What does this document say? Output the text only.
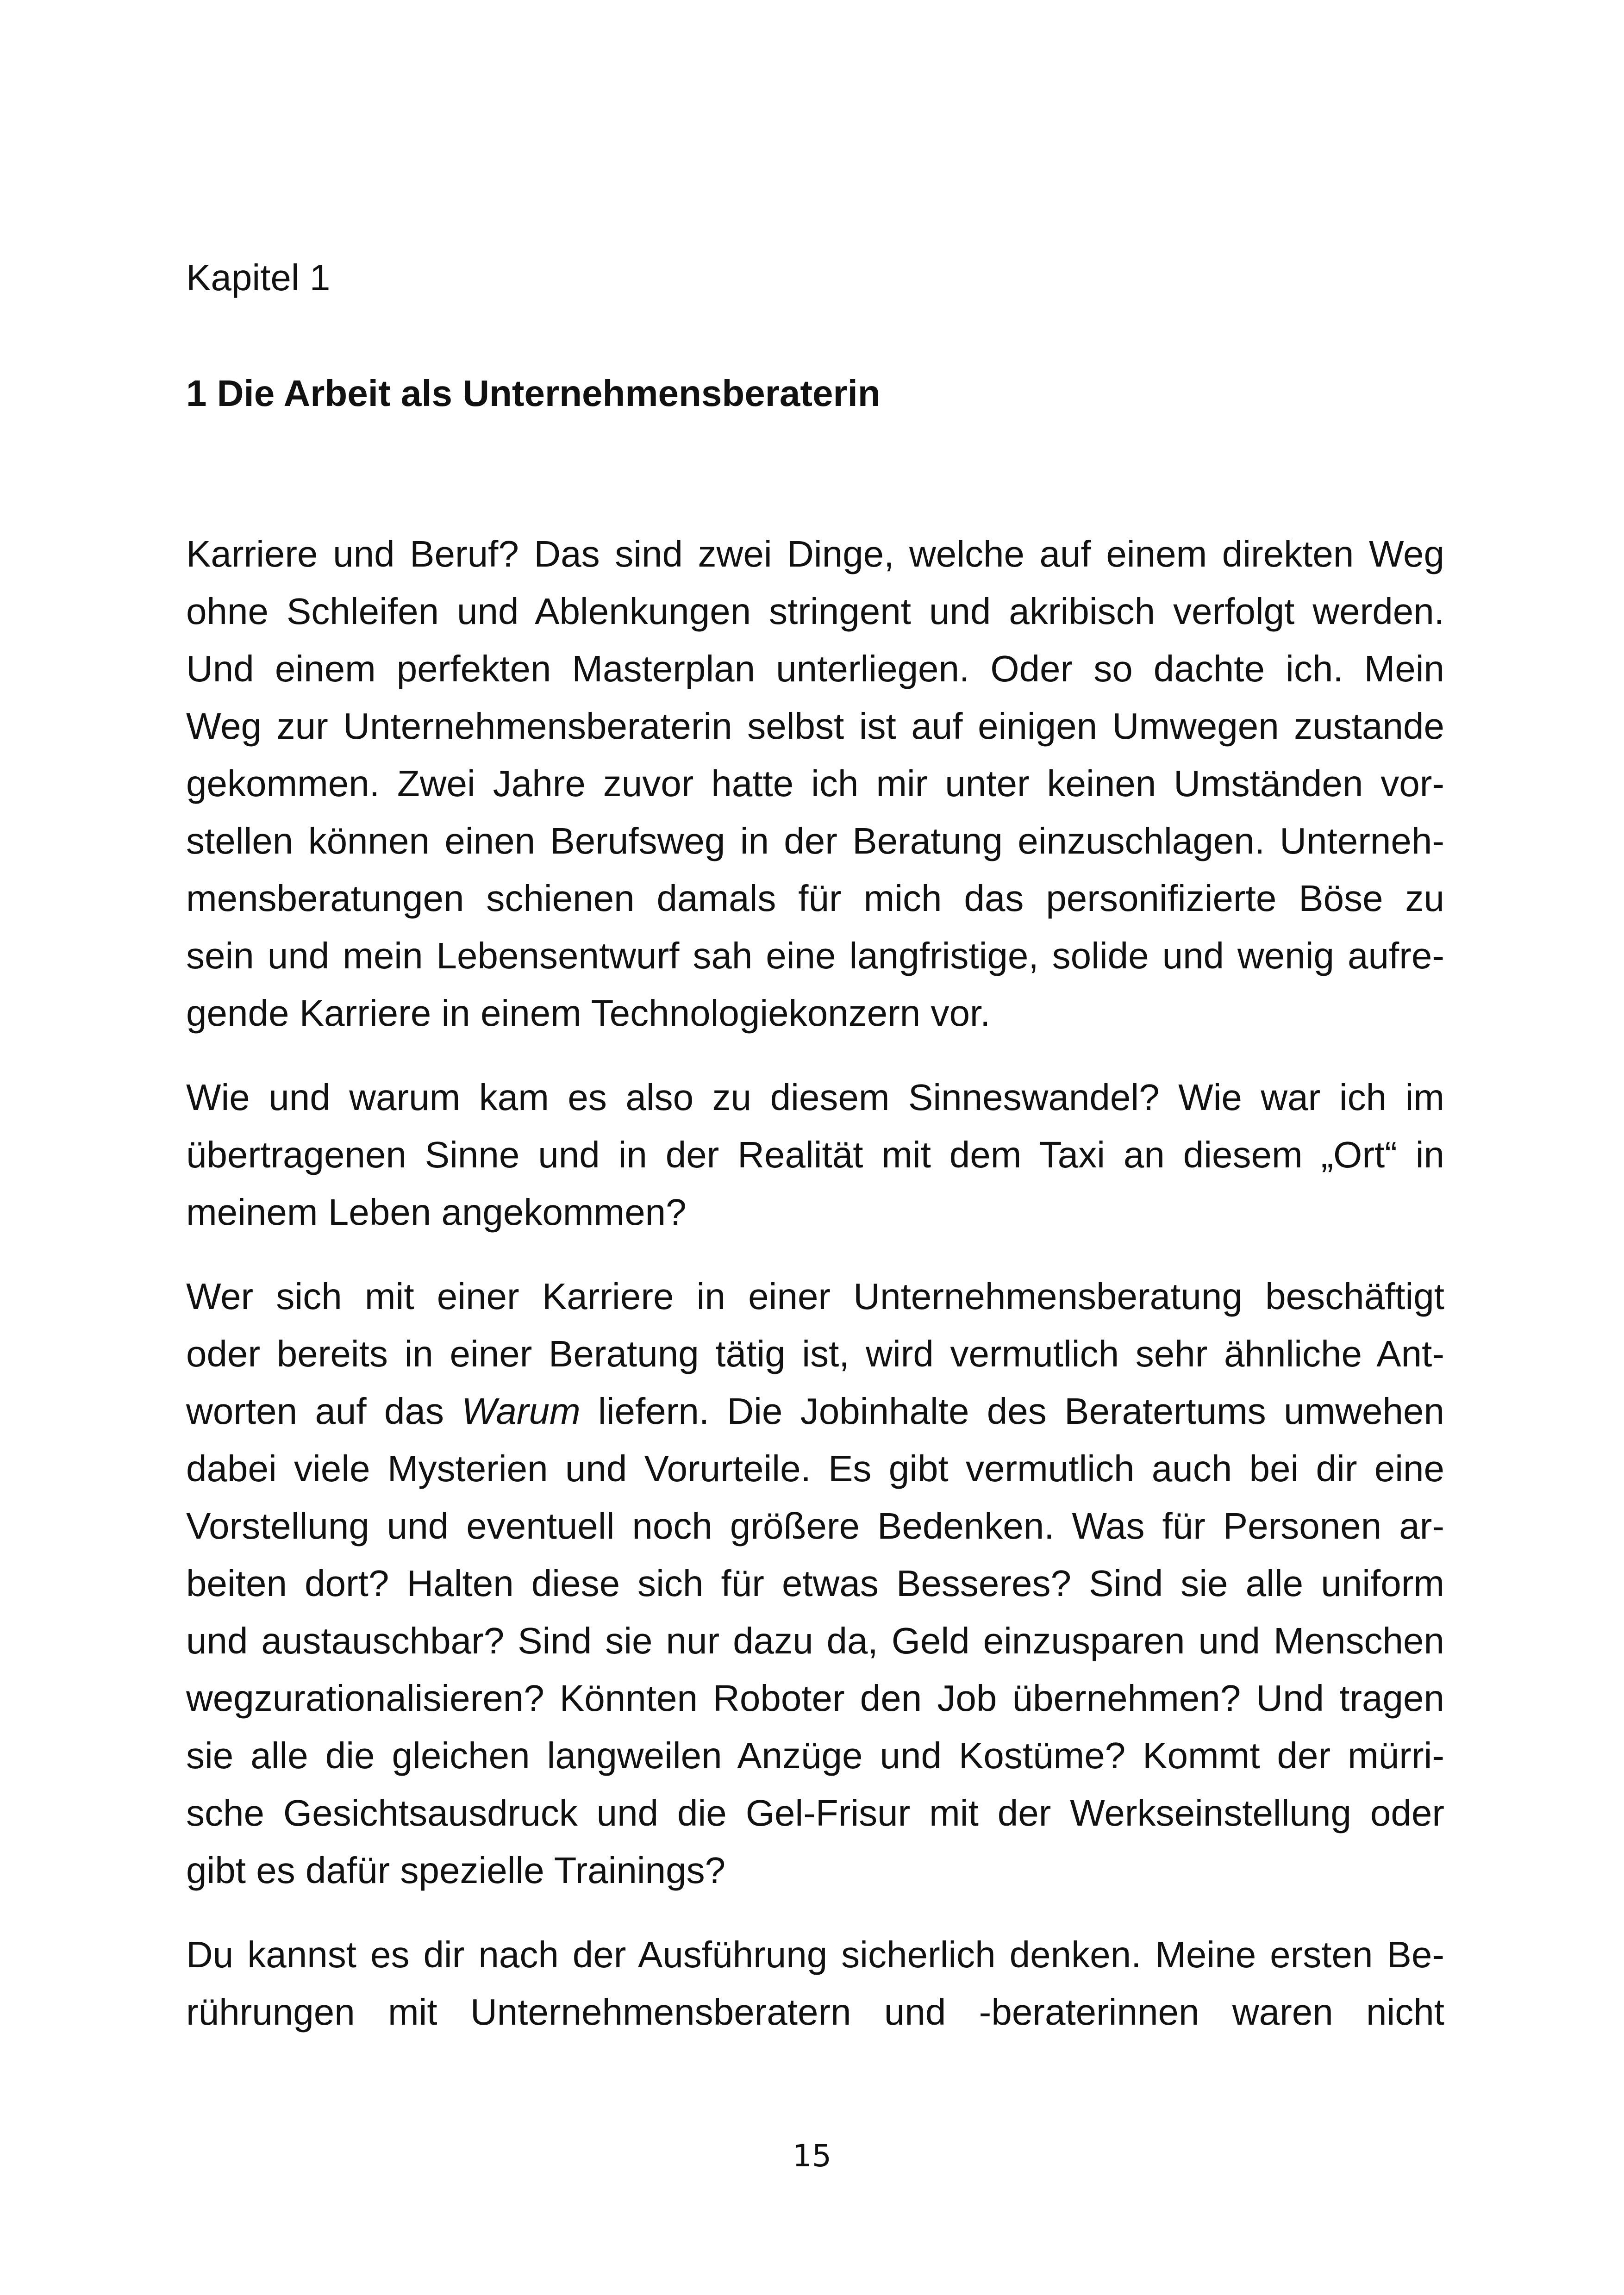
Kapitel 1

1 Die Arbeit als Unternehmensberaterin

Karriere und Beruf? Das sind zwei Dinge, welche auf einem direkten Weg
ohne Schleifen und Ablenkungen stringent und akribisch verfolgt werden.
Und einem perfekten Masterplan unterliegen. Oder so dachte ich. Mein
Weg zur Unternehmensberaterin selbst ist auf einigen Umwegen zustande
gekommen. Zwei Jahre zuvor hatte ich mir unter keinen Umständen vor-
stellen können einen Berufsweg in der Beratung einzuschlagen. Unterneh-
mensberatungen schienen damals für mich das personifizierte Böse zu
sein und mein Lebensentwurf sah eine langfristige, solide und wenig aufre-
gende Karriere in einem Technologiekonzern vor.

Wie und warum kam es also zu diesem Sinneswandel? Wie war ich im
übertragenen Sinne und in der Realität mit dem Taxi an diesem „Ort“ in
meinem Leben angekommen?

Wer sich mit einer Karriere in einer Unternehmensberatung beschäftigt
oder bereits in einer Beratung tätig ist, wird vermutlich sehr ähnliche Ant-
worten auf das Warum liefern. Die Jobinhalte des Beratertums umwehen
dabei viele Mysterien und Vorurteile. Es gibt vermutlich auch bei dir eine
Vorstellung und eventuell noch größere Bedenken. Was für Personen ar-
beiten dort? Halten diese sich für etwas Besseres? Sind sie alle uniform
und austauschbar? Sind sie nur dazu da, Geld einzusparen und Menschen
wegzurationalisieren? Könnten Roboter den Job übernehmen? Und tragen
sie alle die gleichen langweilen Anzüge und Kostüme? Kommt der mürri-
sche Gesichtsausdruck und die Gel-Frisur mit der Werkseinstellung oder
gibt es dafür spezielle Trainings?

Du kannst es dir nach der Ausführung sicherlich denken. Meine ersten Be-
rührungen mit Unternehmensberatern und -beraterinnen waren nicht

15
